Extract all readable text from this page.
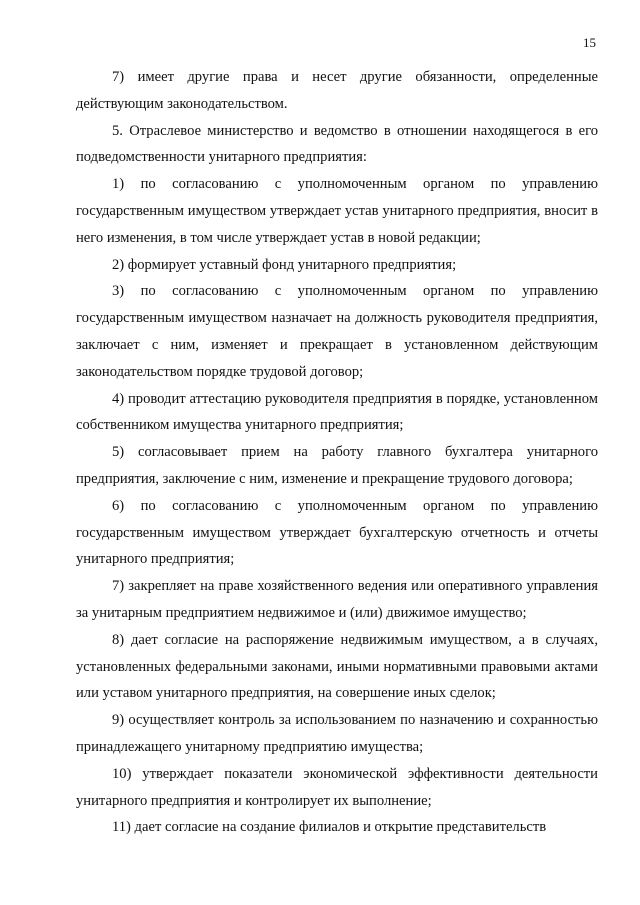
15

7) имеет другие права и несет другие обязанности, определенные действующим законодательством.

5. Отраслевое министерство и ведомство в отношении находящегося в его подведомственности унитарного предприятия:

1) по согласованию с уполномоченным органом по управлению государственным имуществом утверждает устав унитарного предприятия, вносит в него изменения, в том числе утверждает устав в новой редакции;

2) формирует уставный фонд унитарного предприятия;

3) по согласованию с уполномоченным органом по управлению государственным имуществом назначает на должность руководителя предприятия, заключает с ним, изменяет и прекращает в установленном действующим законодательством порядке трудовой договор;

4) проводит аттестацию руководителя предприятия в порядке, установленном собственником имущества унитарного предприятия;

5) согласовывает прием на работу главного бухгалтера унитарного предприятия, заключение с ним, изменение и прекращение трудового договора;

6) по согласованию с уполномоченным органом по управлению государственным имуществом утверждает бухгалтерскую отчетность и отчеты унитарного предприятия;

7) закрепляет на праве хозяйственного ведения или оперативного управления за унитарным предприятием недвижимое и (или) движимое имущество;

8) дает согласие на распоряжение недвижимым имуществом, а в случаях, установленных федеральными законами, иными нормативными правовыми актами или уставом унитарного предприятия, на совершение иных сделок;

9) осуществляет контроль за использованием по назначению и сохранностью принадлежащего унитарному предприятию имущества;

10) утверждает показатели экономической эффективности деятельности унитарного предприятия и контролирует их выполнение;

11) дает согласие на создание филиалов и открытие представительств
